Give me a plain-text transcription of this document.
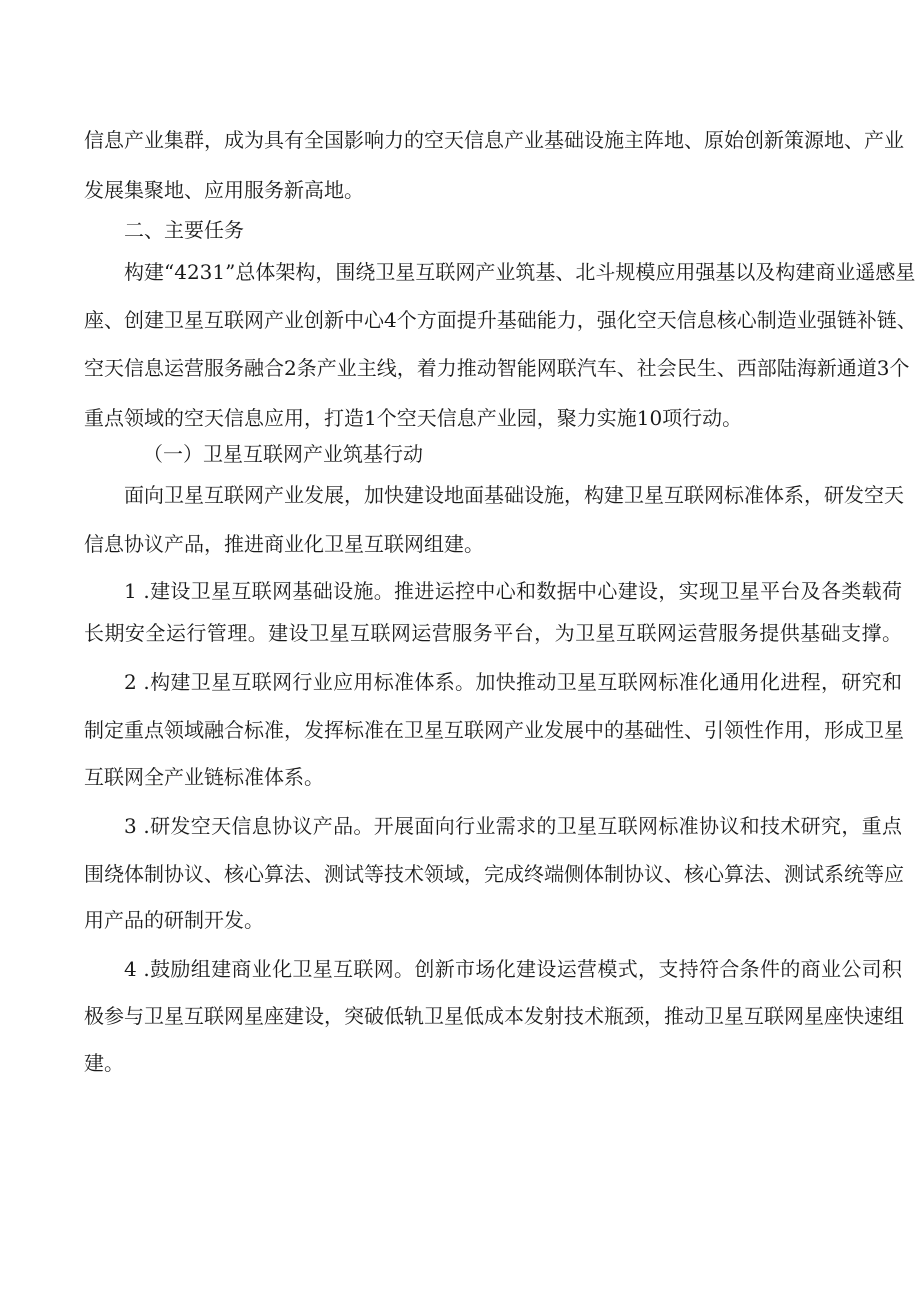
信息产业集群，成为具有全国影响力的空天信息产业基础设施主阵地、原始创新策源地、产业
发展集聚地、应用服务新高地。
二、主要任务
构建“4231”总体架构，围绕卫星互联网产业筑基、北斗规模应用强基以及构建商业遥感星
座、创建卫星互联网产业创新中心4个方面提升基础能力，强化空天信息核心制造业强链补链、
空天信息运营服务融合2条产业主线，着力推动智能网联汽车、社会民生、西部陆海新通道3个
重点领域的空天信息应用，打造1个空天信息产业园，聚力实施10项行动。
（一）卫星互联网产业筑基行动
面向卫星互联网产业发展，加快建设地面基础设施，构建卫星互联网标准体系，研发空天
信息协议产品，推进商业化卫星互联网组建。
1 .建设卫星互联网基础设施。推进运控中心和数据中心建设，实现卫星平台及各类载荷
长期安全运行管理。建设卫星互联网运营服务平台，为卫星互联网运营服务提供基础支撑。
2 .构建卫星互联网行业应用标准体系。加快推动卫星互联网标准化通用化进程，研究和
制定重点领域融合标准，发挥标准在卫星互联网产业发展中的基础性、引领性作用，形成卫星
互联网全产业链标准体系。
3 .研发空天信息协议产品。开展面向行业需求的卫星互联网标准协议和技术研究，重点
围绕体制协议、核心算法、测试等技术领域，完成终端侧体制协议、核心算法、测试系统等应
用产品的研制开发。
4 .鼓励组建商业化卫星互联网。创新市场化建设运营模式，支持符合条件的商业公司积
极参与卫星互联网星座建设，突破低轨卫星低成本发射技术瓶颈，推动卫星互联网星座快速组
建。
